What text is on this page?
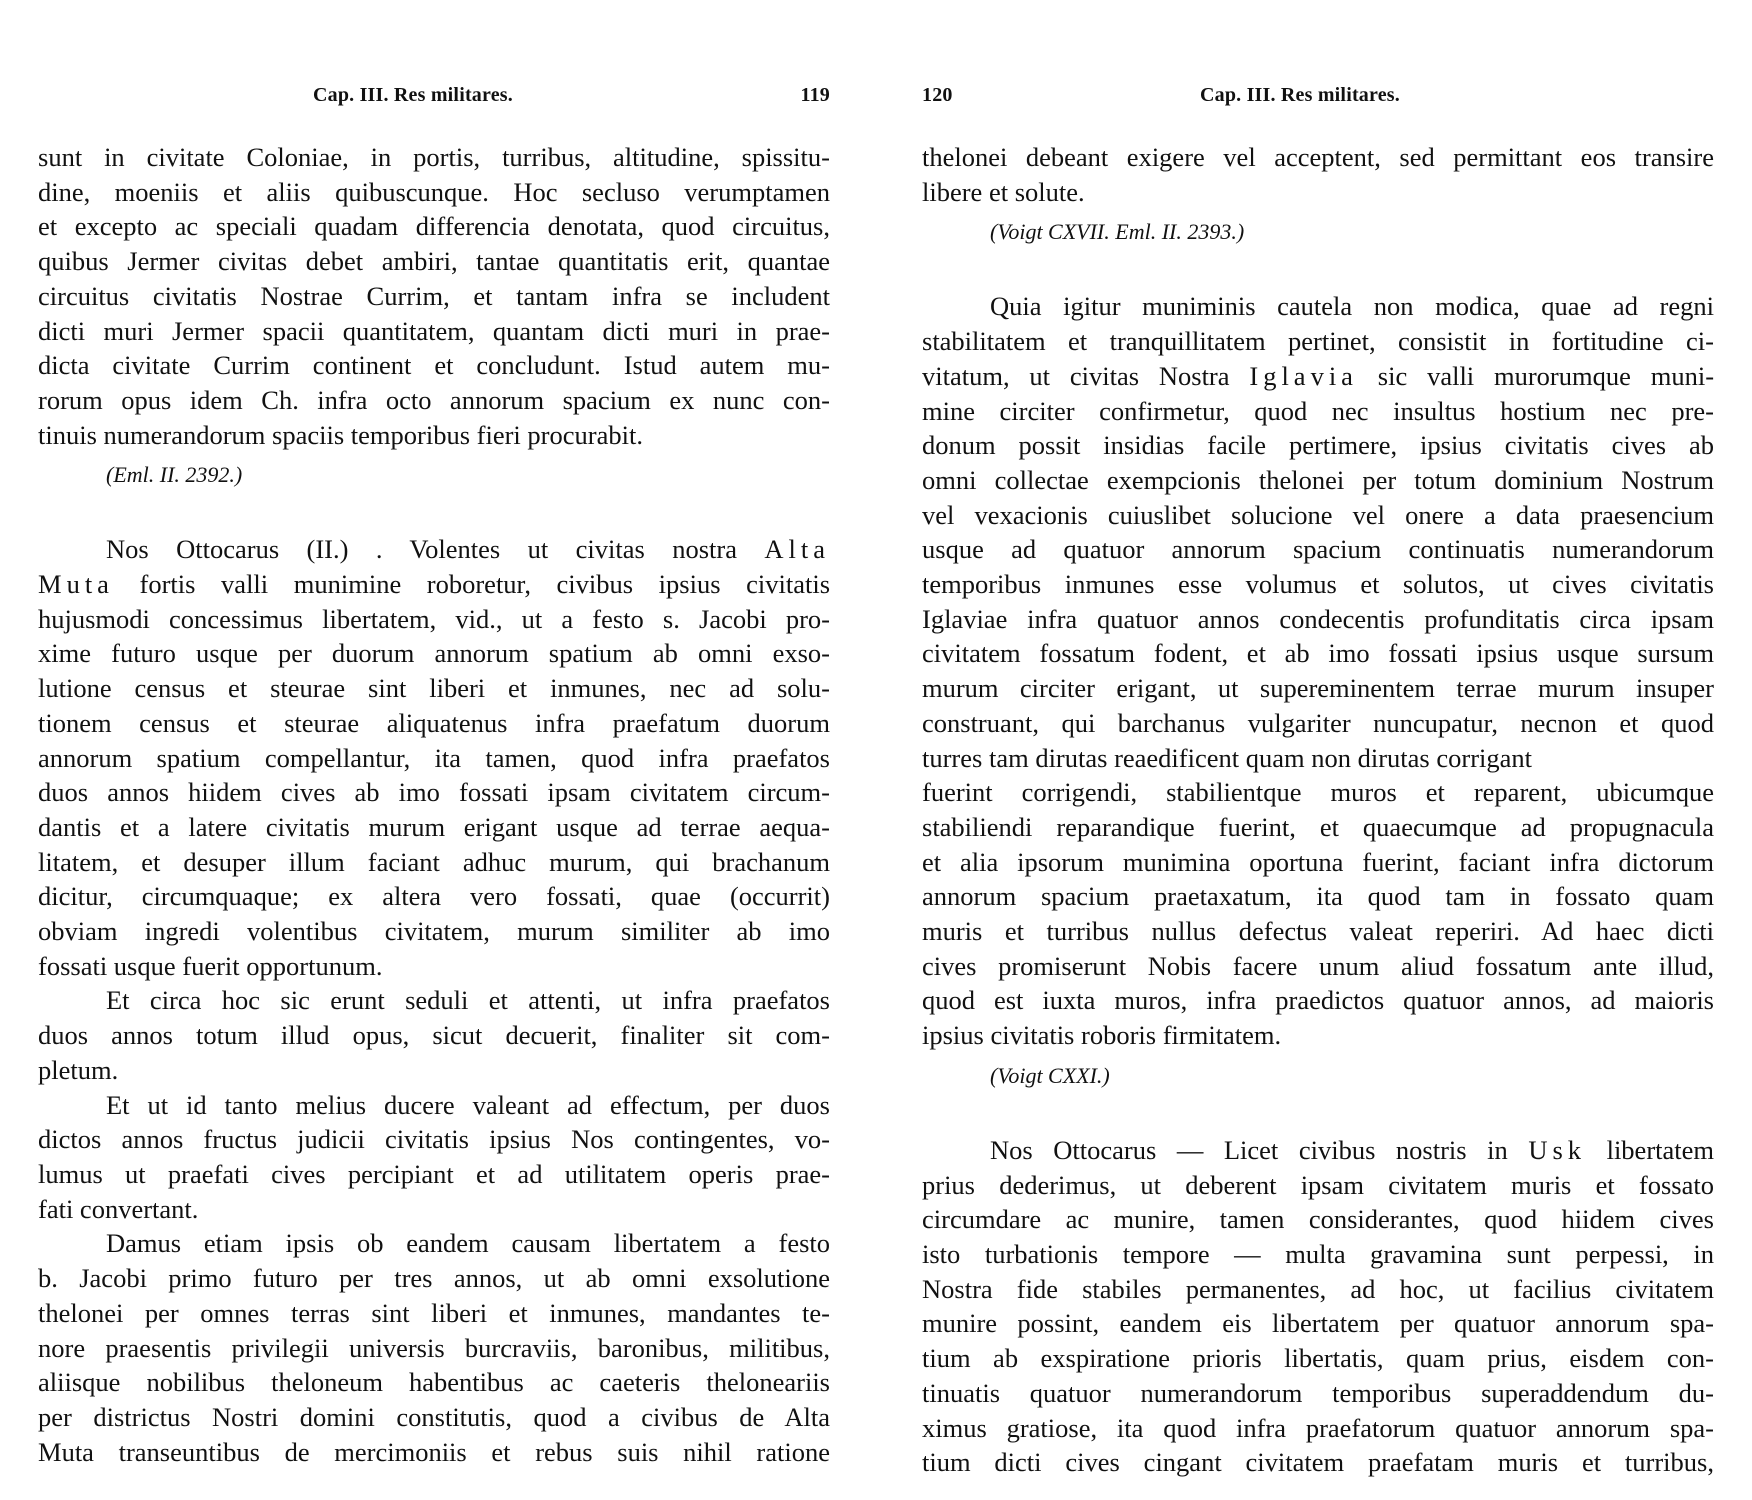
Cap. III. Res militares.	119
sunt in civitate Coloniae, in portis, turribus, altitudine, spissitu-
dine, moeniis et aliis quibuscunque. Hoc secluso verumptamen
et excepto ac speciali quadam differencia denotata, quod circuitus,
quibus Jermer civitas debet ambiri, tantae quantitatis erit, quantae
circuitus civitatis Nostrae Currim, et tantam infra se includent
dicti muri Jermer spacii quantitatem, quantam dicti muri in prae-
dicta civitate Currim continent et concludunt. Istud autem mu-
rorum opus idem Ch. infra octo annorum spacium ex nunc con-
tinuis numerandorum spaciis temporibus fieri procurabit.
(Eml. II. 2392.)
Nos Ottocarus (II.) . Volentes ut civitas nostra Alta
Muta fortis valli munimine roboretur, civibus ipsius civitatis
hujusmodi concessimus libertatem, vid., ut a festo s. Jacobi pro-
xime futuro usque per duorum annorum spatium ab omni exso-
lutione census et steurae sint liberi et inmunes, nec ad solu-
tionem census et steurae aliquatenus infra praefatum duorum
annorum spatium compellantur, ita tamen, quod infra praefatos
duos annos hiidem cives ab imo fossati ipsam civitatem circum-
dantis et a latere civitatis murum erigant usque ad terrae aequa-
litatem, et desuper illum faciant adhuc murum, qui brachanum
dicitur, circumquaque; ex altera vero fossati, quae (occurrit)
obviam ingredi volentibus civitatem, murum similiter ab imo
fossati usque fuerit opportunum.
Et circa hoc sic erunt seduli et attenti, ut infra praefatos
duos annos totum illud opus, sicut decuerit, finaliter sit com-
pletum.
Et ut id tanto melius ducere valeant ad effectum, per duos
dictos annos fructus judicii civitatis ipsius Nos contingentes, vo-
lumus ut praefati cives percipiant et ad utilitatem operis prae-
fati convertant.
Damus etiam ipsis ob eandem causam libertatem a festo
b. Jacobi primo futuro per tres annos, ut ab omni exsolutione
thelonei per omnes terras sint liberi et inmunes, mandantes te-
nore praesentis privilegii universis burcraviis, baronibus, militibus,
aliisque nobilibus theloneum habentibus ac caeteris theloneariis
per districtus Nostri domini constitutis, quod a civibus de Alta
Muta transeuntibus de mercimoniis et rebus suis nihil ratione
120	Cap. III. Res militares.
thelonei debeant exigere vel acceptent, sed permittant eos transire
libere et solute.
(Voigt CXVII. Eml. II. 2393.)
Quia igitur muniminis cautela non modica, quae ad regni
stabilitatem et tranquillitatem pertinet, consistit in fortitudine ci-
vitatum, ut civitas Nostra Iglavia sic valli murorumque muni-
mine circiter confirmetur, quod nec insultus hostium nec pre-
donum possit insidias facile pertimere, ipsius civitatis cives ab
omni collectae exempcionis thelonei per totum dominium Nostrum
vel vexacionis cuiuslibet solucione vel onere a data praesencium
usque ad quatuor annorum spacium continuatis numerandorum
temporibus inmunes esse volumus et solutos, ut cives civitatis
Iglaviae infra quatuor annos condecentis profunditatis circa ipsam
civitatem fossatum fodent, et ab imo fossati ipsius usque sursum
murum circiter erigant, ut supereminentem terrae murum insuper
construant, qui barchanus vulgariter nuncupatur, necnon et quod
turres tam dirutas reaedificent quam non dirutas corrigant
fuerint corrigendi, stabilientque muros et reparent, ubicumque
stabiliendi reparandique fuerint, et quaecumque ad propugnacula
et alia ipsorum munimina oportuna fuerint, faciant infra dictorum
annorum spacium praetaxatum, ita quod tam in fossato quam
muris et turribus nullus defectus valeat reperiri. Ad haec dicti
cives promiserunt Nobis facere unum aliud fossatum ante illud,
quod est iuxta muros, infra praedictos quatuor annos, ad maioris
ipsius civitatis roboris firmitatem.
(Voigt CXXI.)
Nos Ottocarus — Licet civibus nostris in Usk libertatem
prius dederimus, ut deberent ipsam civitatem muris et fossato
circumdare ac munire, tamen considerantes, quod hiidem cives
isto turbationis tempore — multa gravamina sunt perpessi, in
Nostra fide stabiles permanentes, ad hoc, ut facilius civitatem
munire possint, eandem eis libertatem per quatuor annorum spa-
tium ab exspiratione prioris libertatis, quam prius, eisdem con-
tinuatis quatuor numerandorum temporibus superaddendum du-
ximus gratiose, ita quod infra praefatorum quatuor annorum spa-
tium dicti cives cingant civitatem praefatam muris et turribus,
